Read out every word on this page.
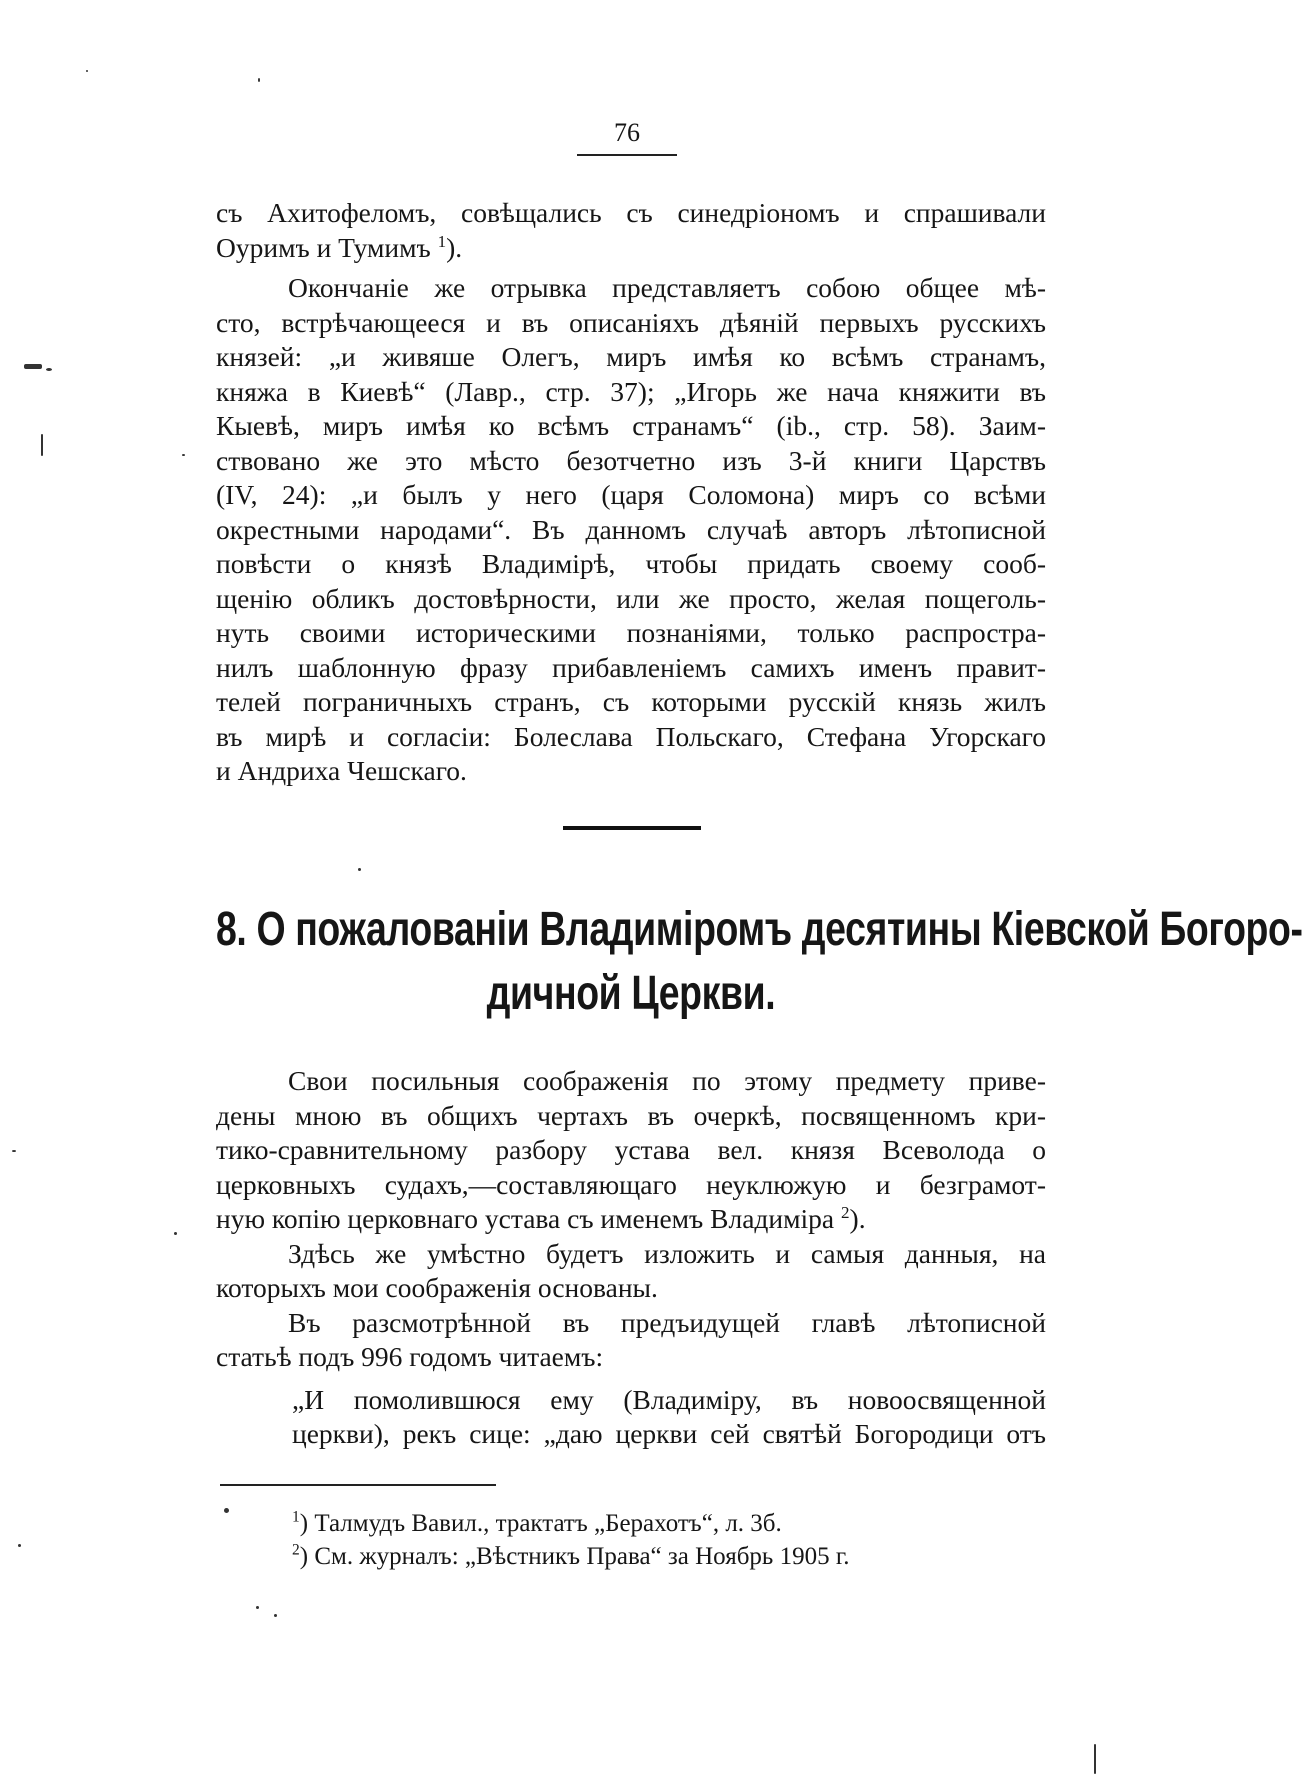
76
съ Ахитофеломъ, совѣщались съ синедріономъ и спрашивали
Оуримъ и Тумимъ $^1$).
Окончаніе же отрывка представляетъ собою общее мѣ-
сто, встрѣчающееся и въ описаніяхъ дѣяній первыхъ русскихъ
князей: „и живяше Олегъ, миръ имѣя ко всѣмъ странамъ,
княжа в Киевѣ“ (Лавр., стр. 37); „Игорь же нача княжити въ
Кыевѣ, миръ имѣя ко всѣмъ странамъ“ (ib., стр. 58). Заим-
ствовано же это мѣсто безотчетно изъ 3-й книги Царствъ
(IV, 24): „и былъ у него (царя Соломона) миръ со всѣми
окрестными народами“. Въ данномъ случаѣ авторъ лѣтописной
повѣсти о князѣ Владимірѣ, чтобы придать своему сооб-
щенію обликъ достовѣрности, или же просто, желая пощеголь-
нуть своими историческими познаніями, только распростра-
нилъ шаблонную фразу прибавленіемъ самихъ именъ правит-
телей пограничныхъ странъ, съ которыми русскій князь жилъ
въ мирѣ и согласіи: Болеслава Польскаго, Стефана Угорскаго
и Андриха Чешскаго.
8. О пожалованіи Владиміромъ десятины Кіевской Богоро-
дичной Церкви.
Свои посильныя соображенія по этому предмету приве-
дены мною въ общихъ чертахъ въ очеркѣ, посвященномъ кри-
тико-сравнительному разбору устава вел. князя Всеволода о
церковныхъ судахъ,—составляющаго неуклюжую и безграмот-
ную копію церковнаго устава съ именемъ Владиміра $^2$).
Здѣсь же умѣстно будетъ изложить и самыя данныя, на
которыхъ мои соображенія основаны.
Въ разсмотрѣнной въ предъидущей главѣ лѣтописной
статьѣ подъ 996 годомъ читаемъ:
„И помолившюся ему (Владиміру, въ новоосвященной
церкви), рекъ сице: „даю церкви сей святѣй Богородици отъ
$^1$) Талмудъ Вавил., трактатъ „Берахотъ“, л. 3б.
$^2$) См. журналъ: „Вѣстникъ Права“ за Ноябрь 1905 г.
